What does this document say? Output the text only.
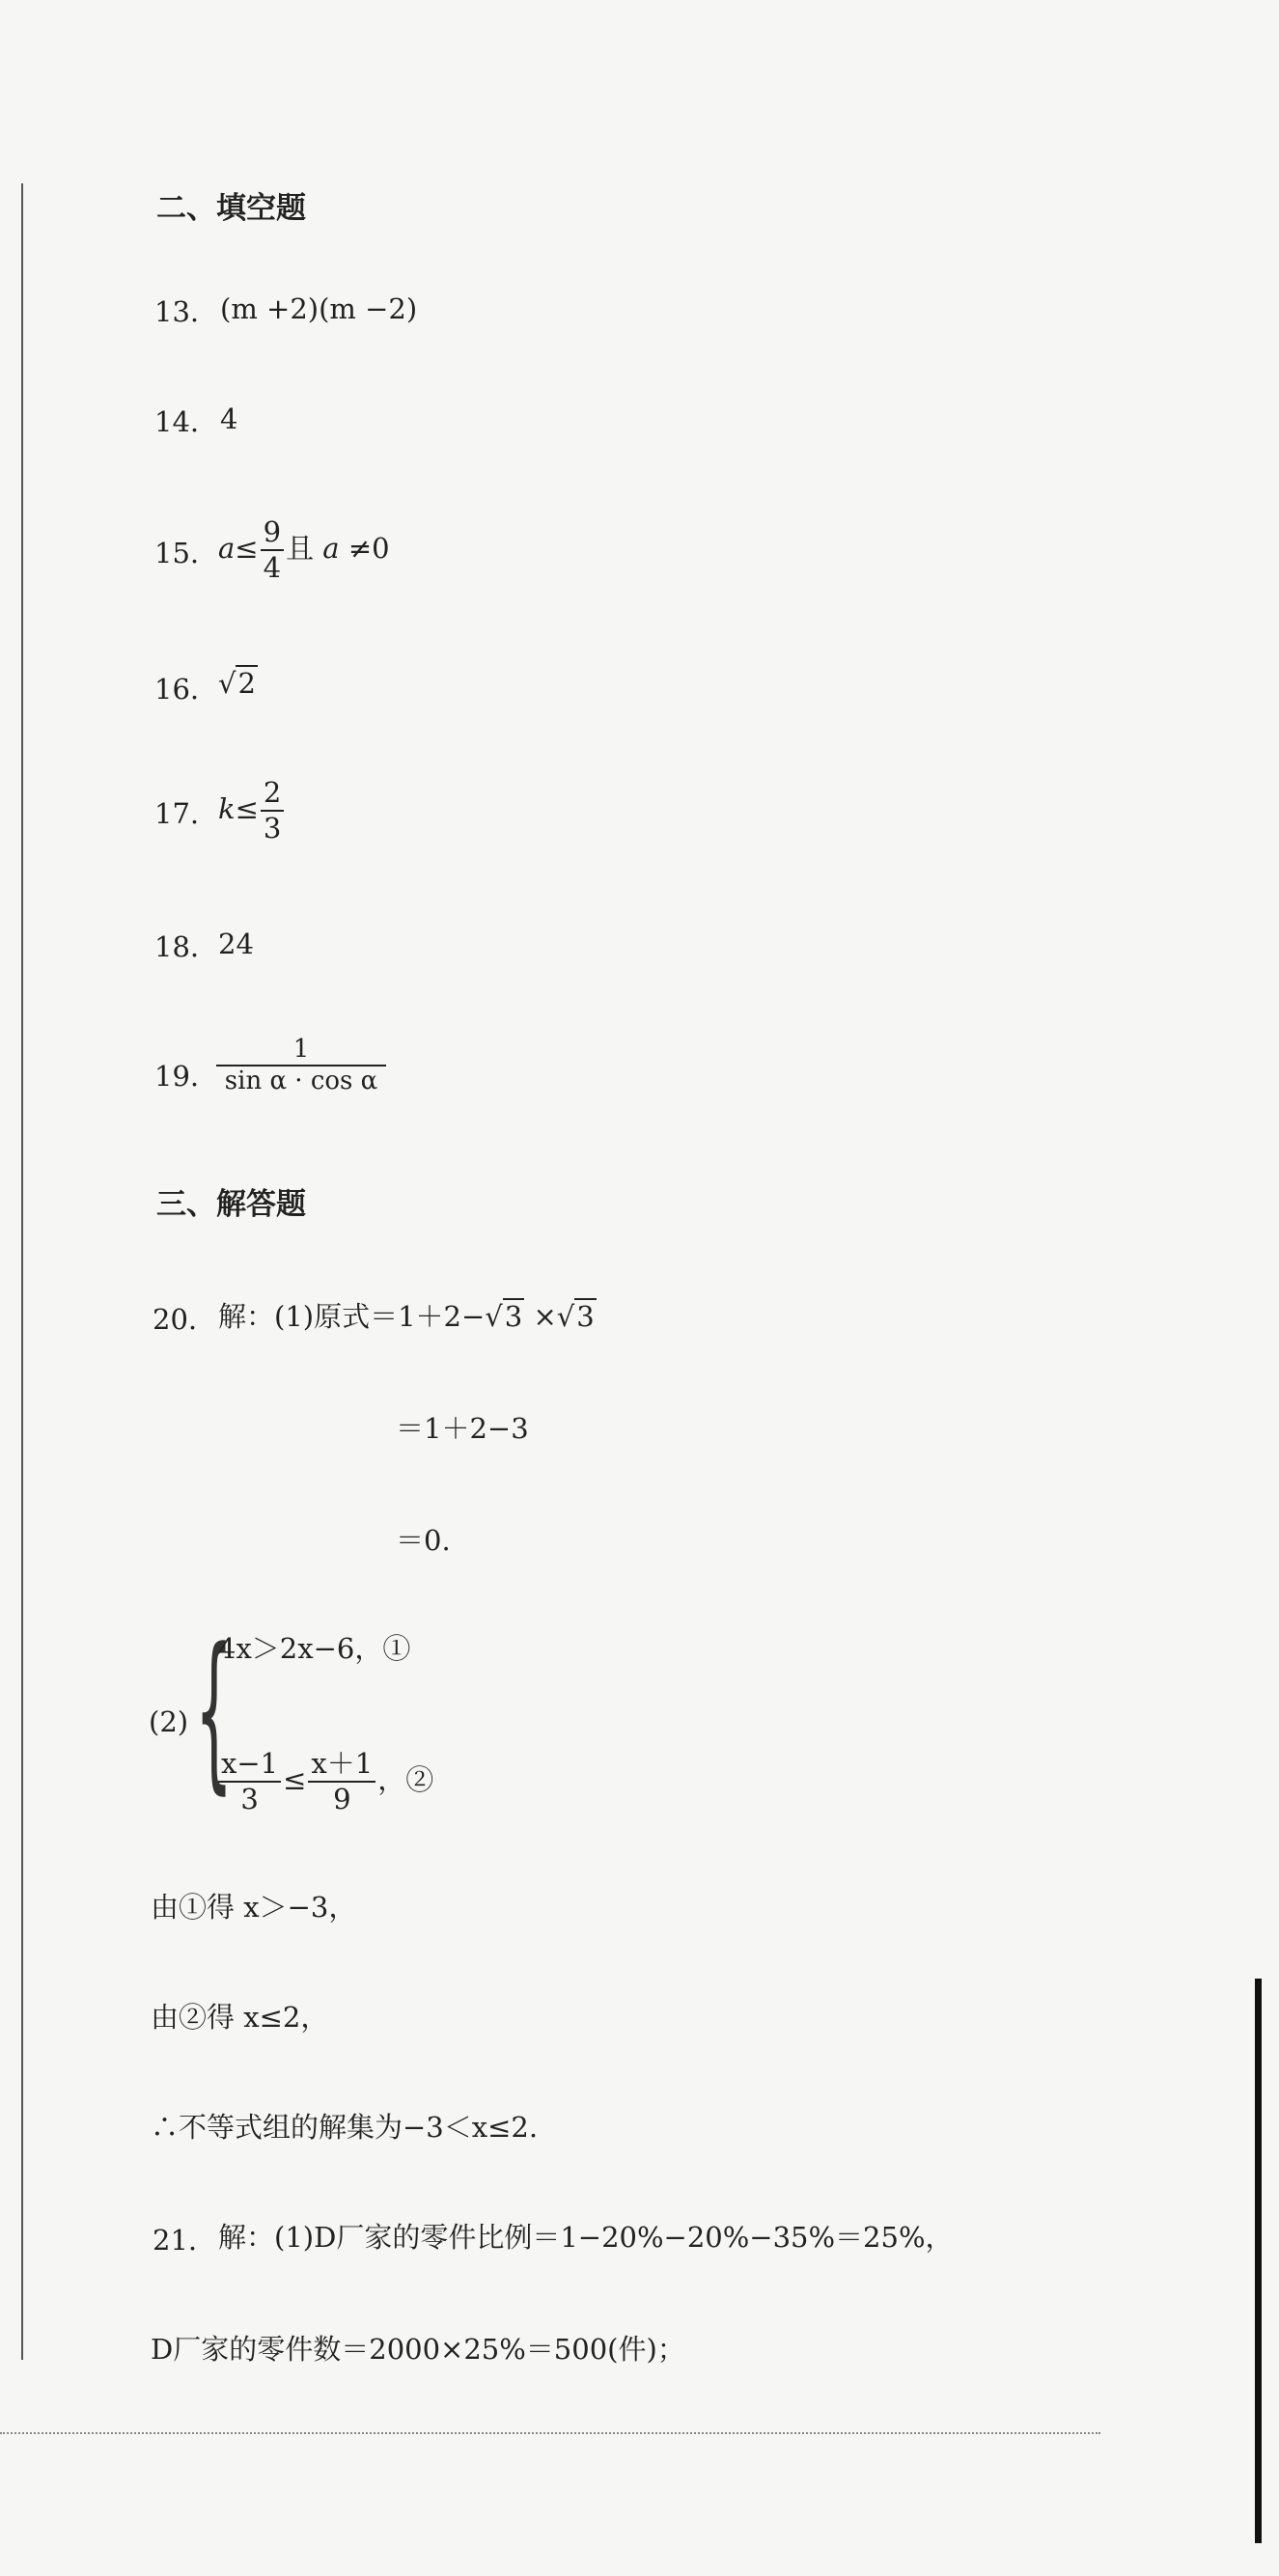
二、填空题
13. (m +2)(m −2)
14. 4
15. $a\le \frac{9}{4}$ 且 a ≠0
16. √2
17. $k\le \frac{2}{3}$
18. 24
19. $\frac{1}{\text{sin α · cos α}}$
三、解答题
20. 解：(1)原式＝1＋2−√3 ×√3
＝1＋2−3
＝0.
(2) {
4x＞2x−6，①
$\frac{x-1}{3} \le \frac{x+1}{9}$ ，②
由①得 x＞−3，
由②得 x≤2，
∴不等式组的解集为−3＜x≤2.
21. 解：(1)D厂家的零件比例＝1−20%−20%−35%＝25%，
D厂家的零件数＝2000×25%＝500(件)；
